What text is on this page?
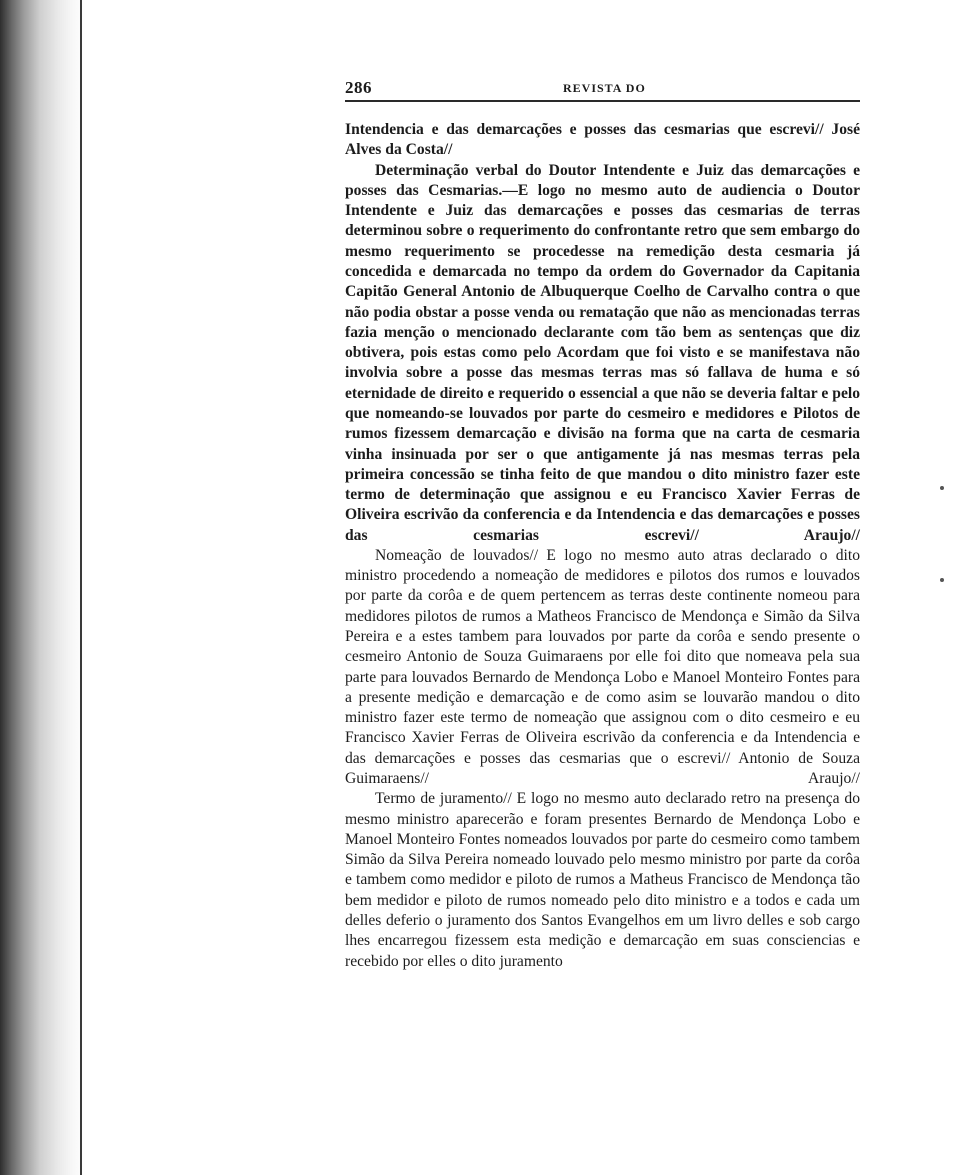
286	REVISTA DO

Intendencia e das demarcações e posses das cesmarias que escrevi// José Alves da Costa//

Determinação verbal do Doutor Intendente e Juiz das demarcações e posses das Cesmarias.—E logo no mesmo auto de audiencia o Doutor Intendente e Juiz das demarcações e posses das cesmarias de terras determinou sobre o requerimento do confrontante retro que sem embargo do mesmo requerimento se procedesse na remedição desta cesmaria já concedida e demarcada no tempo da ordem do Governador da Capitania Capitão General Antonio de Albuquerque Coelho de Carvalho contra o que não podia obstar a posse venda ou rematação que não as mencionadas terras fazia menção o mencionado declarante com tão bem as sentenças que diz obtivera, pois estas como pelo Acordam que foi visto e se manifestava não involvia sobre a posse das mesmas terras mas só fallava de huma e só eternidade de direito e requerido o essencial a que não se deveria faltar e pelo que nomeando-se louvados por parte do cesmeiro e medidores e Pilotos de rumos fizessem demarcação e divisão na forma que na carta de cesmaria vinha insinuada por ser o que antigamente já nas mesmas terras pela primeira concessão se tinha feito de que mandou o dito ministro fazer este termo de determinação que assignou e eu Francisco Xavier Ferras de Oliveira escrivão da conferencia e da Intendencia e das demarcações e posses das cesmarias escrevi// Araujo//

Nomeação de louvados// E logo no mesmo auto atras declarado o dito ministro procedendo a nomeação de medidores e pilotos dos rumos e louvados por parte da corôa e de quem pertencem as terras deste continente nomeou para medidores pilotos de rumos a Matheos Francisco de Mendonça e Simão da Silva Pereira e a estes tambem para louvados por parte da corôa e sendo presente o cesmeiro Antonio de Souza Guimaraens por elle foi dito que nomeava pela sua parte para louvados Bernardo de Mendonça Lobo e Manoel Monteiro Fontes para a presente medição e demarcação e de como asim se louvarão mandou o dito ministro fazer este termo de nomeação que assignou com o dito cesmeiro e eu Francisco Xavier Ferras de Oliveira escrivão da conferencia e da Intendencia e das demarcações e posses das cesmarias que o escrevi// Antonio de Souza Guimaraens// Araujo//

Termo de juramento// E logo no mesmo auto declarado retro na presença do mesmo ministro aparecerão e foram presentes Bernardo de Mendonça Lobo e Manoel Monteiro Fontes nomeados louvados por parte do cesmeiro como tambem Simão da Silva Pereira nomeado louvado pelo mesmo ministro por parte da corôa e tambem como medidor e piloto de rumos a Matheus Francisco de Mendonça tão bem medidor e piloto de rumos nomeado pelo dito ministro e a todos e cada um delles deferio o juramento dos Santos Evangelhos em um livro delles e sob cargo lhes encarregou fizessem esta medição e demarcação em suas consciencias e recebido por elles o dito juramento
